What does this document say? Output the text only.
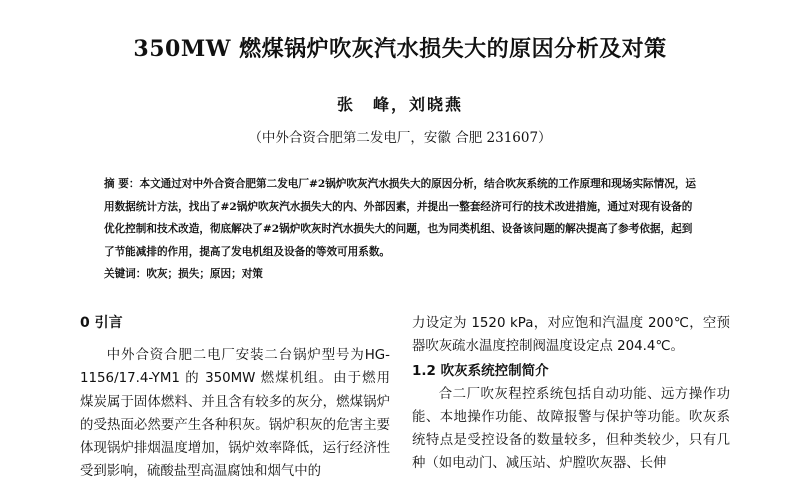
350MW 燃煤锅炉吹灰汽水损失大的原因分析及对策
张　峰，刘晓燕
（中外合资合肥第二发电厂，安徽 合肥 231607）
摘 要：本文通过对中外合资合肥第二发电厂#2锅炉吹灰汽水损失大的原因分析，结合吹灰系统的工作原理和现场实际情况，运用数据统计方法，找出了#2锅炉吹灰汽水损失大的内、外部因素，并提出一整套经济可行的技术改进措施，通过对现有设备的优化控制和技术改造，彻底解决了#2锅炉吹灰时汽水损失大的问题，也为同类机组、设备该问题的解决提高了参考依据，起到了节能减排的作用，提高了发电机组及设备的等效可用系数。
关键词：吹灰；损失；原因；对策
0 引言

中外合资合肥二电厂安装二台锅炉型号为HG-1156/17.4-YM1 的 350MW 燃煤机组。由于燃用煤炭属于固体燃料、并且含有较多的灰分，燃煤锅炉的受热面必然要产生各种积灰。锅炉积灰的危害主要体现锅炉排烟温度增加，锅炉效率降低，运行经济性受到影响，硫酸盐型高温腐蚀和烟气中的

力设定为 1520 kPa，对应饱和汽温度 200℃，空预器吹灰疏水温度控制阀温度设定点 204.4℃。

1.2 吹灰系统控制简介

合二厂吹灰程控系统包括自动功能、远方操作功能、本地操作功能、故障报警与保护等功能。吹灰系统特点是受控设备的数量较多，但种类较少，只有几种（如电动门、减压站、炉膛吹灰器、长伸
